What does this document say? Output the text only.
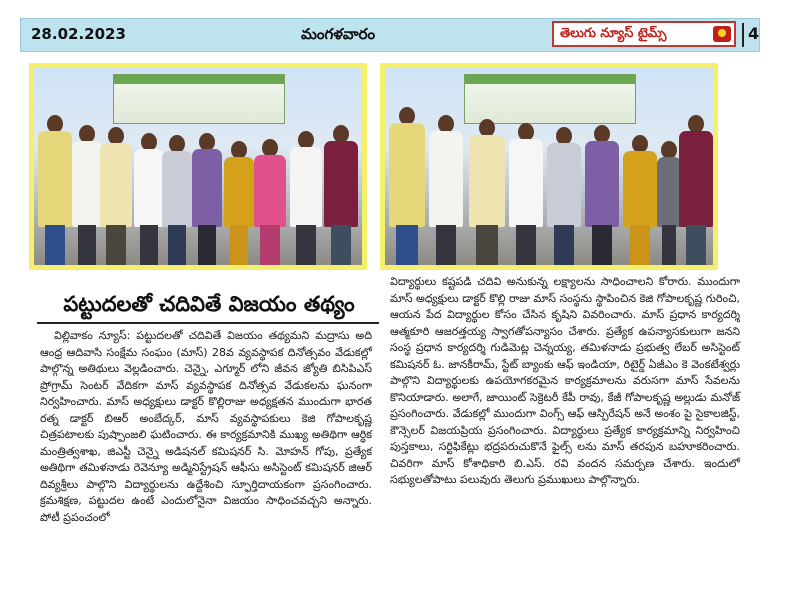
28.02.2023	మంగళవారం	తెలుగు న్యూస్ టైమ్స్	4
పట్టుదలతో చదివితే విజయం తథ్యం

విల్లివాకం న్యూస్: పట్టుదలతో చదివితే విజయం తథ్యమని మద్రాసు అది ఆంధ్ర ఆదివాసి సంక్షేమ సంఘం (మాస్) 28వ వ్యవస్థాపక దినోత్సవం వేడుకల్లో పాల్గొన్న అతిథులు వెల్లడించారు. చెన్నై, ఎగ్మూర్ లోని జీవన జ్యోతి బిసిపిఎస్ ప్రోగ్రామ్ సెంటర్ వేదికగా మాస్ వ్యవస్థాపక దినోత్సవ వేడుకలను ఘనంగా నిర్వహించారు. మాస్ అధ్యక్షులు డాక్టర్ కొల్లిరాజు అధ్యక్షతన ముందుగా భారత రత్న డాక్టర్ బిఆర్ అంబేద్కర్, మాస్ వ్యవస్థాపకులు కెజి గోపాలకృష్ణ చిత్రపటాలకు పుష్పాంజలి ఘటించారు. ఈ కార్యక్రమానికి ముఖ్య అతిథిగా ఆర్థిక మంత్రిత్వశాఖ, జిఎస్టీ చెన్నై అడిషనల్ కమిషనర్ సి. మోహన్ గోపు, ప్రత్యేక అతిథిగా తమిళనాడు రెవెన్యూ అడ్మినిస్ట్రేషన్ ఆఫీసు అసిస్టెంట్ కమిషనర్ జిఆర్ దివ్యశ్రీలు పాల్గొని విద్యార్థులను ఉద్దేశించి స్ఫూర్తిదాయకంగా ప్రసంగించారు. క్రమశిక్షణ, పట్టుదల ఉంటే ఎందులోనైనా విజయం సాధించవచ్చని అన్నారు. పోటీ ప్రపంచంలో

విద్యార్థులు కష్టపడి చదివి అనుకున్న లక్ష్యాలను సాధించాలని కోరారు. ముందుగా మాస్ అధ్యక్షులు డాక్టర్ కొల్లి రాజు మాస్ సంస్థను స్థాపించిన కెజి గోపాలకృష్ణ గురించి, ఆయన పేద విద్యార్థుల కోసం చేసిన కృషిని వివరించారు. మాస్ ప్రధాన కార్యదర్శి ఆత్మకూరి ఆజరత్తయ్య స్వాగతోపన్యాసం చేశారు. ప్రత్యేక ఉపన్యాసకులుగా జనని సంస్థ ప్రధాన కార్యదర్శి గుడిమెట్ల చెన్నయ్య, తమిళనాడు ప్రభుత్వ లేబర్ అసిస్టెంట్ కమిషనర్ ఓ. జానకీరామ్, స్టేట్ బ్యాంకు ఆఫ్ ఇండియా, రిటైర్డ్ ఏజీఎం కె వెంకటేశ్వర్లు పాల్గొని విద్యార్థులకు ఉపయోగకరమైన కార్యక్రమాలను వరుసగా మాస్ సేవలను కొనియాడారు. అలాగే, జాయింట్ సెక్రెటరీ కేపీ రావు, కేజీ గోపాలకృష్ణ అల్లుడు మనోజ్ ప్రసంగించారు. వేడుకల్లో ముందుగా వింగ్స్ ఆఫ్ ఆస్పిరేషన్ అనే అంశం పై సైకాలజిస్ట్, కౌన్సెలర్ విజయప్రియ ప్రసంగించారు. విద్యార్థులు ప్రత్యేక కార్యక్రమాన్ని నిర్వహించి పుస్తకాలు, సర్టిఫికేట్లు భద్రపరుచుకొనే ఫైల్స్ లను మాస్ తరపున బహూకరించారు. చివరిగా మాస్ కోశాధికారి బి.ఎస్. రవి వందన సమర్పణ చేశారు. ఇందులో సభ్యులతోపాటు పలువురు తెలుగు ప్రముఖులు పాల్గొన్నారు.
